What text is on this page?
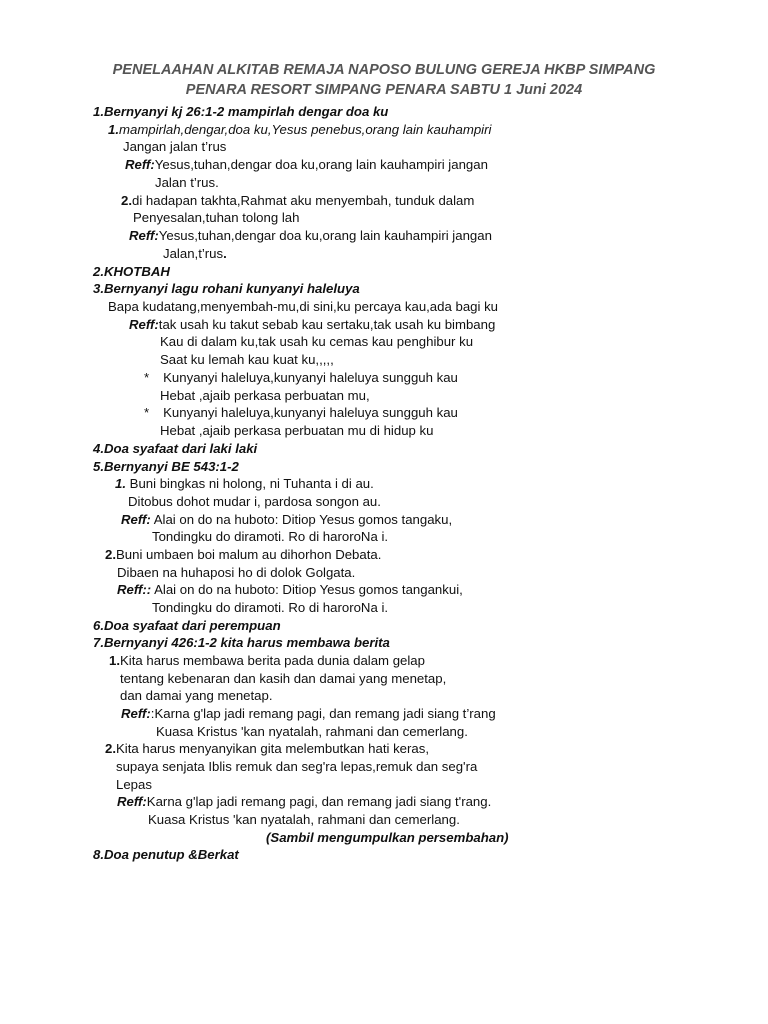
PENELAAHAN ALKITAB REMAJA NAPOSO BULUNG GEREJA HKBP SIMPANG
PENARA RESORT SIMPANG PENARA SABTU 1 Juni 2024
1.Bernyanyi kj 26:1-2 mampirlah dengar doa ku
1.mampirlah,dengar,doa ku,Yesus penebus,orang lain kauhampiri
Jangan jalan t’rus
Reff:Yesus,tuhan,dengar doa ku,orang lain kauhampiri jangan
Jalan t’rus.
2.di hadapan takhta,Rahmat aku menyembah, tunduk dalam
Penyesalan,tuhan tolong lah
Reff:Yesus,tuhan,dengar doa ku,orang lain kauhampiri jangan
Jalan,t’rus.
2.KHOTBAH
3.Bernyanyi lagu rohani kunyanyi haleluya
Bapa kudatang,menyembah-mu,di sini,ku percaya kau,ada bagi ku
Reff:tak usah ku takut sebab kau sertaku,tak usah ku bimbang
Kau di dalam ku,tak usah ku cemas kau penghibur ku
Saat ku lemah kau kuat ku,,,,,
* Kunyanyi haleluya,kunyanyi haleluya sungguh kau
Hebat ,ajaib perkasa perbuatan mu,
* Kunyanyi haleluya,kunyanyi haleluya sungguh kau
Hebat ,ajaib perkasa perbuatan mu di hidup ku
4.Doa syafaat dari laki laki
5.Bernyanyi BE 543:1-2
1. Buni bingkas ni holong, ni Tuhanta i di au.
Ditobus dohot mudar i, pardosa songon au.
Reff: Alai on do na huboto: Ditiop Yesus gomos tangaku,
Tondingku do diramoti. Ro di haroroNa i.
2.Buni umbaen boi malum au dihorhon Debata.
Dibaen na huhaposi ho di dolok Golgata.
Reff:: Alai on do na huboto: Ditiop Yesus gomos tangankui,
Tondingku do diramoti. Ro di haroroNa i.
6.Doa syafaat dari perempuan
7.Bernyanyi 426:1-2 kita harus membawa berita
1.Kita harus membawa berita pada dunia dalam gelap
tentang kebenaran dan kasih dan damai yang menetap,
dan damai yang menetap.
Reff::Karna g'lap jadi remang pagi, dan remang jadi siang t’rang
Kuasa Kristus 'kan nyatalah, rahmani dan cemerlang.
2.Kita harus menyanyikan gita melembutkan hati keras,
supaya senjata Iblis remuk dan seg'ra lepas,remuk dan seg'ra
Lepas
Reff:Karna g'lap jadi remang pagi, dan remang jadi siang t'rang.
Kuasa Kristus 'kan nyatalah, rahmani dan cemerlang.
(Sambil mengumpulkan persembahan)
8.Doa penutup &Berkat
